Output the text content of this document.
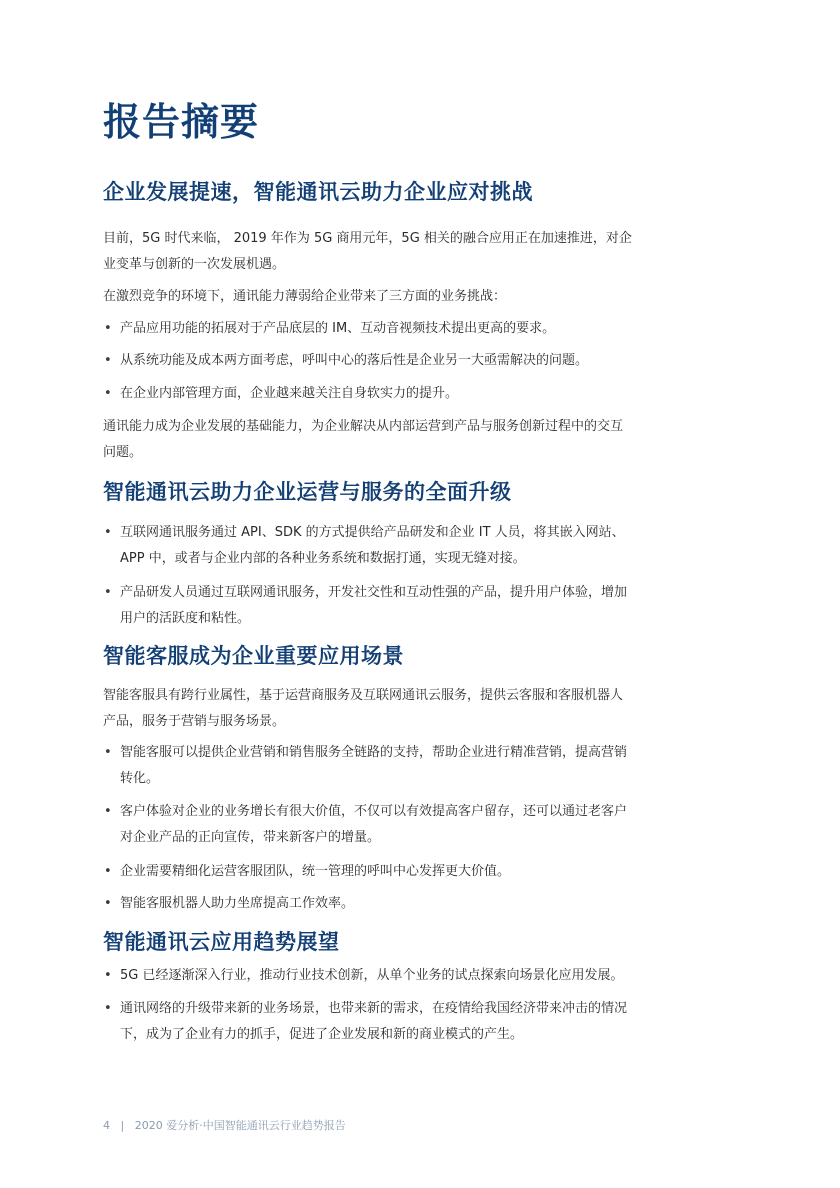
报告摘要
企业发展提速，智能通讯云助力企业应对挑战

目前，5G 时代来临， 2019 年作为 5G 商用元年，5G 相关的融合应用正在加速推进，对企业变革与创新的一次发展机遇。

在激烈竞争的环境下，通讯能力薄弱给企业带来了三方面的业务挑战：

• 产品应用功能的拓展对于产品底层的 IM、互动音视频技术提出更高的要求。
• 从系统功能及成本两方面考虑，呼叫中心的落后性是企业另一大亟需解决的问题。
• 在企业内部管理方面，企业越来越关注自身软实力的提升。

通讯能力成为企业发展的基础能力，为企业解决从内部运营到产品与服务创新过程中的交互问题。

智能通讯云助力企业运营与服务的全面升级
• 互联网通讯服务通过 API、SDK 的方式提供给产品研发和企业 IT 人员，将其嵌入网站、APP 中，或者与企业内部的各种业务系统和数据打通，实现无缝对接。
• 产品研发人员通过互联网通讯服务，开发社交性和互动性强的产品，提升用户体验，增加用户的活跃度和粘性。
智能客服成为企业重要应用场景

智能客服具有跨行业属性，基于运营商服务及互联网通讯云服务，提供云客服和客服机器人产品，服务于营销与服务场景。

• 智能客服可以提供企业营销和销售服务全链路的支持，帮助企业进行精准营销，提高营销转化。
• 客户体验对企业的业务增长有很大价值，不仅可以有效提高客户留存，还可以通过老客户对企业产品的正向宣传，带来新客户的增量。
• 企业需要精细化运营客服团队，统一管理的呼叫中心发挥更大价值。
• 智能客服机器人助力坐席提高工作效率。
智能通讯云应用趋势展望
• 5G 已经逐渐深入行业，推动行业技术创新，从单个业务的试点探索向场景化应用发展。
• 通讯网络的升级带来新的业务场景，也带来新的需求，在疫情给我国经济带来冲击的情况下，成为了企业有力的抓手，促进了企业发展和新的商业模式的产生。
4 | 2020 爱分析·中国智能通讯云行业趋势报告
